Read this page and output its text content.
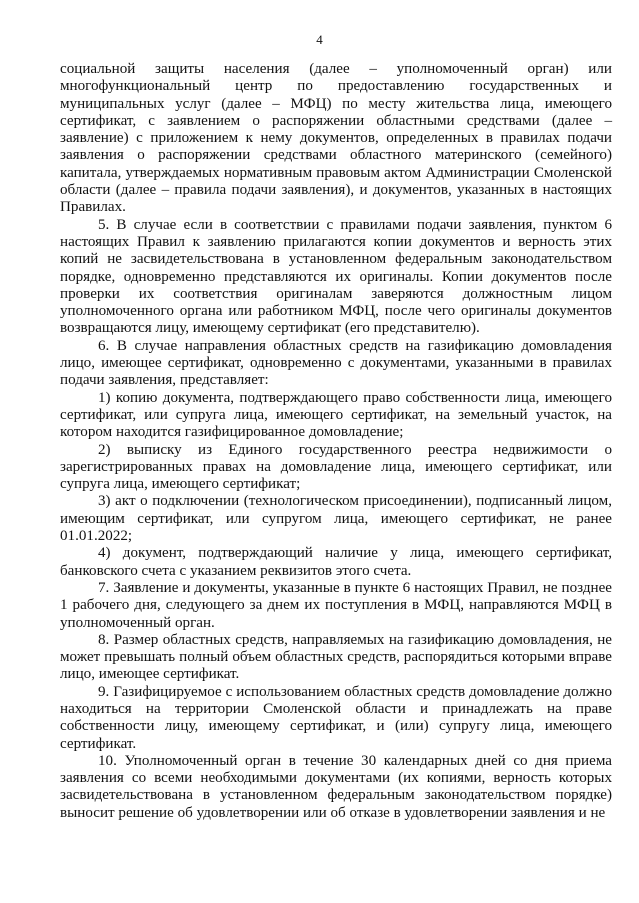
4

социальной защиты населения (далее – уполномоченный орган) или многофункциональный центр по предоставлению государственных и муниципальных услуг (далее – МФЦ) по месту жительства лица, имеющего сертификат, с заявлением о распоряжении областными средствами (далее – заявление) с приложением к нему документов, определенных в правилах подачи заявления о распоряжении средствами областного материнского (семейного) капитала, утверждаемых нормативным правовым актом Администрации Смоленской области (далее – правила подачи заявления), и документов, указанных в настоящих Правилах.

5. В случае если в соответствии с правилами подачи заявления, пунктом 6 настоящих Правил к заявлению прилагаются копии документов и верность этих копий не засвидетельствована в установленном федеральным законодательством порядке, одновременно представляются их оригиналы. Копии документов после проверки их соответствия оригиналам заверяются должностным лицом уполномоченного органа или работником МФЦ, после чего оригиналы документов возвращаются лицу, имеющему сертификат (его представителю).

6. В случае направления областных средств на газификацию домовладения лицо, имеющее сертификат, одновременно с документами, указанными в правилах подачи заявления, представляет:

1) копию документа, подтверждающего право собственности лица, имеющего сертификат, или супруга лица, имеющего сертификат, на земельный участок, на котором находится газифицированное домовладение;

2) выписку из Единого государственного реестра недвижимости о зарегистрированных правах на домовладение лица, имеющего сертификат, или супруга лица, имеющего сертификат;

3) акт о подключении (технологическом присоединении), подписанный лицом, имеющим сертификат, или супругом лица, имеющего сертификат, не ранее 01.01.2022;

4) документ, подтверждающий наличие у лица, имеющего сертификат, банковского счета с указанием реквизитов этого счета.

7. Заявление и документы, указанные в пункте 6 настоящих Правил, не позднее 1 рабочего дня, следующего за днем их поступления в МФЦ, направляются МФЦ в уполномоченный орган.

8. Размер областных средств, направляемых на газификацию домовладения, не может превышать полный объем областных средств, распорядиться которыми вправе лицо, имеющее сертификат.

9. Газифицируемое с использованием областных средств домовладение должно находиться на территории Смоленской области и принадлежать на праве собственности лицу, имеющему сертификат, и (или) супругу лица, имеющего сертификат.

10. Уполномоченный орган в течение 30 календарных дней со дня приема заявления со всеми необходимыми документами (их копиями, верность которых засвидетельствована в установленном федеральным законодательством порядке) выносит решение об удовлетворении или об отказе в удовлетворении заявления и не
